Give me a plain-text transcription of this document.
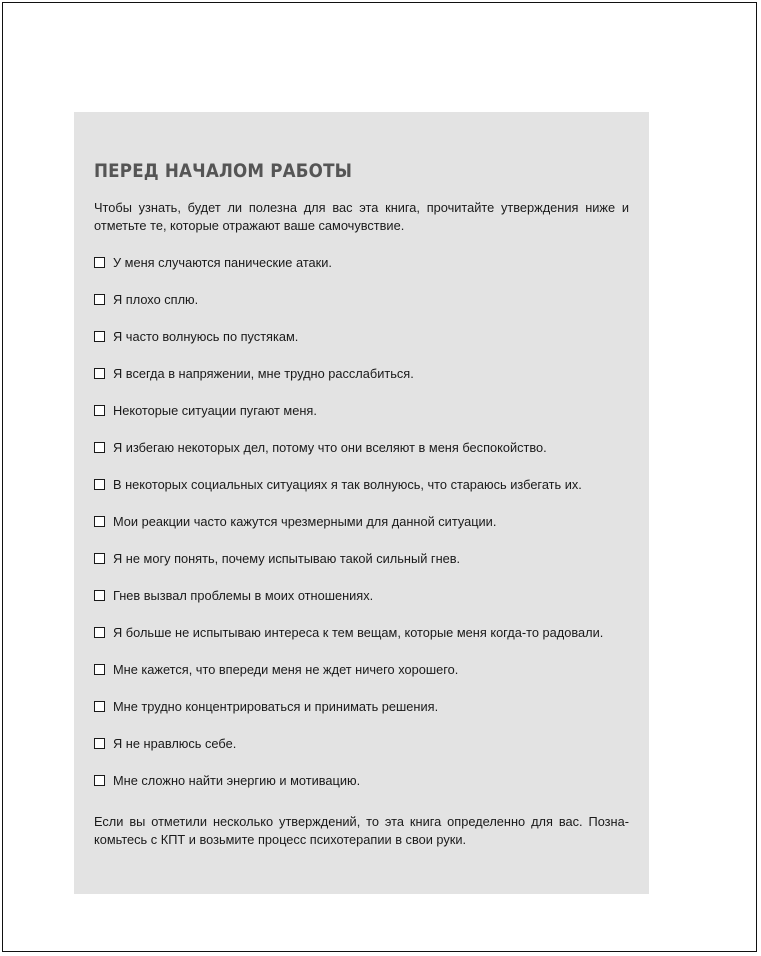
ПЕРЕД НАЧАЛОМ РАБОТЫ

Чтобы узнать, будет ли полезна для вас эта книга, прочитайте утверждения ниже и отметьте те, которые отражают ваше самочувствие.

У меня случаются панические атаки.
Я плохо сплю.
Я часто волнуюсь по пустякам.
Я всегда в напряжении, мне трудно расслабиться.
Некоторые ситуации пугают меня.
Я избегаю некоторых дел, потому что они вселяют в меня беспокойство.
В некоторых социальных ситуациях я так волнуюсь, что стараюсь избегать их.
Мои реакции часто кажутся чрезмерными для данной ситуации.
Я не могу понять, почему испытываю такой сильный гнев.
Гнев вызвал проблемы в моих отношениях.
Я больше не испытываю интереса к тем вещам, которые меня когда-то радовали.
Мне кажется, что впереди меня не ждет ничего хорошего.
Мне трудно концентрироваться и принимать решения.
Я не нравлюсь себе.
Мне сложно найти энергию и мотивацию.

Если вы отметили несколько утверждений, то эта книга определенно для вас. Позна-комьтесь с КПТ и возьмите процесс психотерапии в свои руки.
